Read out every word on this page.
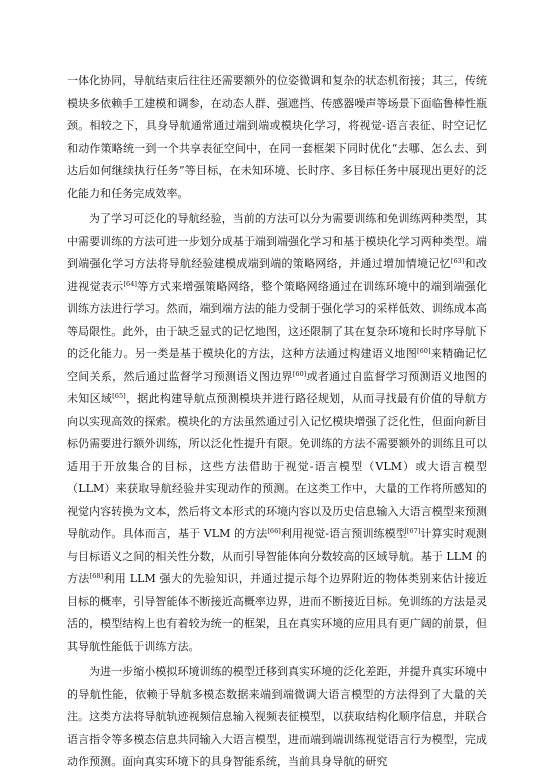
一体化协同，导航结束后往往还需要额外的位姿微调和复杂的状态机衔接；其三，传统模块多依赖手工建模和调参，在动态人群、强遮挡、传感器噪声等场景下面临鲁棒性瓶颈。相较之下，具身导航通常通过端到端或模块化学习，将视觉-语言表征、时空记忆和动作策略统一到一个共享表征空间中，在同一套框架下同时优化“去哪、怎么去、到达后如何继续执行任务”等目标，在未知环境、长时序、多目标任务中展现出更好的泛化能力和任务完成效率。

为了学习可泛化的导航经验，当前的方法可以分为需要训练和免训练两种类型，其中需要训练的方法可进一步划分成基于端到端强化学习和基于模块化学习两种类型。端到端强化学习方法将导航经验建模成端到端的策略网络，并通过增加情境记忆[63]和改进视觉表示[64]等方式来增强策略网络，整个策略网络通过在训练环境中的端到端强化训练方法进行学习。然而，端到端方法的能力受制于强化学习的采样低效、训练成本高等局限性。此外，由于缺乏显式的记忆地图，这还限制了其在复杂环境和长时序导航下的泛化能力。另一类是基于模块化的方法，这种方法通过构建语义地图[60]来精确记忆空间关系，然后通过监督学习预测语义图边界[60]或者通过自监督学习预测语义地图的未知区域[65]，据此构建导航点预测模块并进行路径规划，从而寻找最有价值的导航方向以实现高效的探索。模块化的方法虽然通过引入记忆模块增强了泛化性，但面向新目标仍需要进行额外训练，所以泛化性提升有限。免训练的方法不需要额外的训练且可以适用于开放集合的目标，这些方法借助于视觉-语言模型（VLM）或大语言模型（LLM）来获取导航经验并实现动作的预测。在这类工作中，大量的工作将所感知的视觉内容转换为文本，然后将文本形式的环境内容以及历史信息输入大语言模型来预测导航动作。具体而言，基于 VLM 的方法[66]利用视觉-语言预训练模型[67]计算实时观测与目标语义之间的相关性分数，从而引导智能体向分数较高的区域导航。基于 LLM 的方法[68]利用 LLM 强大的先验知识，并通过提示每个边界附近的物体类别来估计接近目标的概率，引导智能体不断接近高概率边界，进而不断接近目标。免训练的方法是灵活的，模型结构上也有着较为统一的框架，且在真实环境的应用具有更广阔的前景，但其导航性能低于训练方法。

为进一步缩小模拟环境训练的模型迁移到真实环境的泛化差距，并提升真实环境中的导航性能，依赖于导航多模态数据来端到端微调大语言模型的方法得到了大量的关注。这类方法将导航轨迹视频信息输入视频表征模型，以获取结构化顺序信息，并联合语言指令等多模态信息共同输入大语言模型，进而端到端训练视觉语言行为模型，完成动作预测。面向真实环境下的具身智能系统，当前具身导航的研究
